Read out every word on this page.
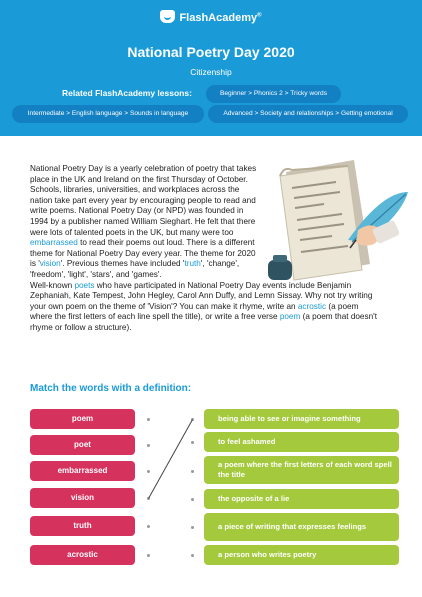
FlashAcademy®
National Poetry Day 2020
Citizenship
Related FlashAcademy lessons:	Beginner > Phonics 2 > Tricky words
Intermediate > English language > Sounds in language	Advanced > Society and relationships > Getting emotional
National Poetry Day is a yearly celebration of poetry that takes place in the UK and Ireland on the first Thursday of October. Schools, libraries, universities, and workplaces across the nation take part every year by encouraging people to read and write poems. National Poetry Day (or NPD) was founded in 1994 by a publisher named William Sieghart. He felt that there were lots of talented poets in the UK, but many were too embarrassed to read their poems out loud. There is a different theme for National Poetry Day every year. The theme for 2020 is 'vision'. Previous themes have included 'truth', 'change', 'freedom', 'light', 'stars', and 'games'.
Well-known poets who have participated in National Poetry Day events include Benjamin Zephaniah, Kate Tempest, John Hegley, Carol Ann Duffy, and Lemn Sissay. Why not try writing your own poem on the theme of 'Vision'? You can make it rhyme, write an acrostic (a poem where the first letters of each line spell the title), or write a free verse poem (a poem that doesn't rhyme or follow a structure).
Match the words with a definition:
poem
poet
embarrassed
vision
truth
acrostic
being able to see or imagine something
to feel ashamed
a poem where the first letters of each word spell the title
the opposite of a lie
a piece of writing that expresses feelings
a person who writes poetry
